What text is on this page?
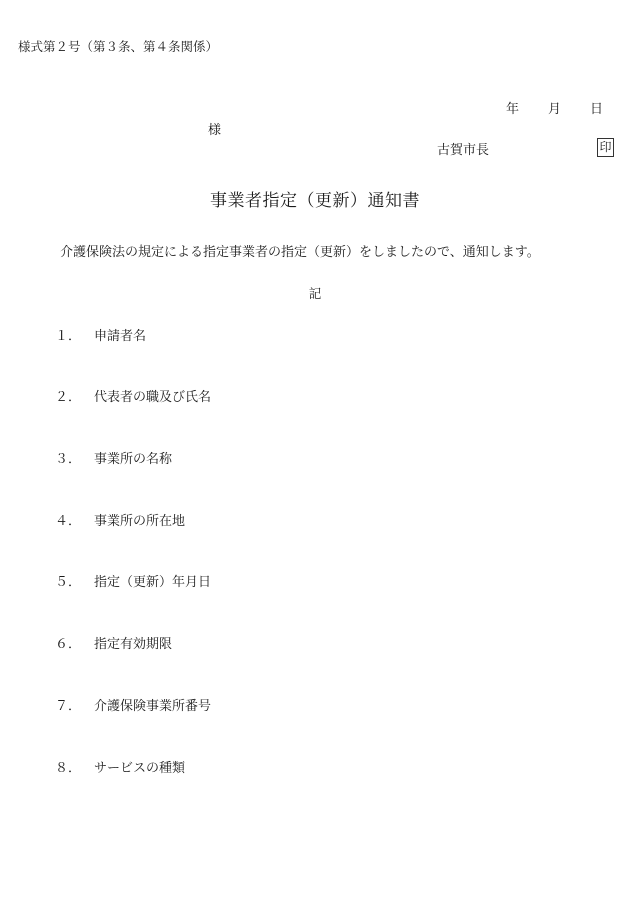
様式第２号（第３条、第４条関係）
年	月	日
様
古賀市長	印
事業者指定（更新）通知書
介護保険法の規定による指定事業者の指定（更新）をしましたので、通知します。
記
１． 申請者名
２． 代表者の職及び氏名
３． 事業所の名称
４． 事業所の所在地
５． 指定（更新）年月日
６． 指定有効期限
７． 介護保険事業所番号
８． サービスの種類
